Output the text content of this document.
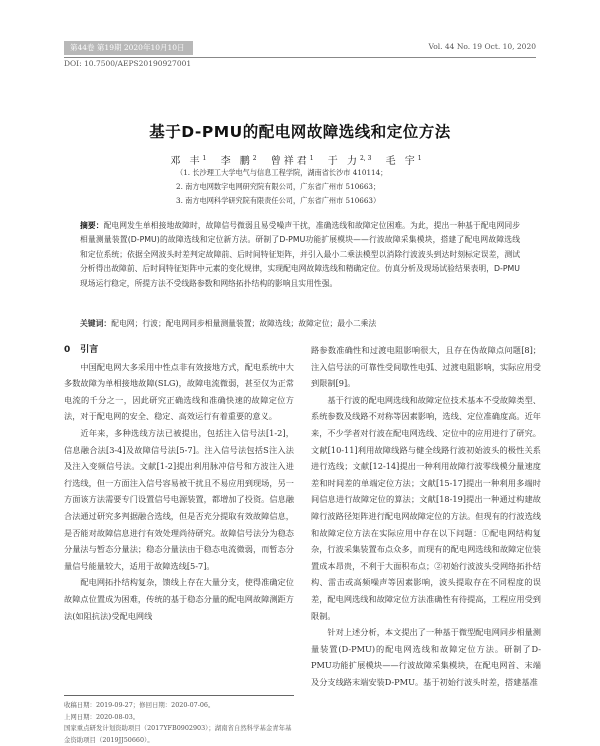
第44卷 第19期 2020年10月10日	Vol. 44 No. 19 Oct. 10, 2020
DOI: 10.7500/AEPS20190927001
基于D-PMU的配电网故障选线和定位方法
邓 丰$^1$ 李 鹏$^2$ 曾祥君$^1$ 于 力$^{2, 3}$ 毛 宇$^1$
（1. 长沙理工大学电气与信息工程学院，湖南省长沙市 410114；
2. 南方电网数字电网研究院有限公司，广东省广州市 510663；
3. 南方电网科学研究院有限责任公司，广东省广州市 510663）
摘要：配电网发生单相接地故障时，故障信号微弱且易受噪声干扰，准确选线和故障定位困难。为此，提出一种基于配电网同步相量测量装置(D-PMU)的故障选线和定位新方法。研制了D-PMU功能扩展模块——行波故障采集模块，搭建了配电网故障选线和定位系统；依据全网波头时差判定故障前、后时间特征矩阵，并引入最小二乘法模型以消除行波波头到达时刻标定误差，测试分析得出故障前、后时间特征矩阵中元素的变化规律，实现配电网故障选线和精确定位。仿真分析及现场试验结果表明，D-PMU现场运行稳定，所提方法不受线路参数和网络拓扑结构的影响且实用性强。
关键词：配电网；行波；配电网同步相量测量装置；故障选线；故障定位；最小二乘法

0 引言

中国配电网大多采用中性点非有效接地方式，配电系统中大多数故障为单相接地故障(SLG)，故障电流微弱，甚至仅为正常电流的千分之一，因此研究正确选线和准确快速的故障定位方法，对于配电网的安全、稳定、高效运行有着重要的意义。

近年来，多种选线方法已被提出，包括注入信号法[1-2]，信息融合法[3-4]及故障信号法[5-7]。注入信号法包括S注入法及注入变频信号法。文献[1-2]提出利用脉冲信号和方波注入进行选线，但一方面注入信号容易被干扰且不易应用到现场，另一方面该方法需要专门设置信号电源装置，都增加了投资。信息融合法通过研究多判据融合选线，但是否充分提取有效故障信息，是否能对故障信息进行有效处理尚待研究。故障信号法分为稳态分量法与暂态分量法；稳态分量法由于稳态电流微弱，而暂态分量信号能量较大，适用于故障选线[5-7]。

配电网拓扑结构复杂，馈线上存在大量分支，使得准确定位故障点位置成为困难，传统的基于稳态分量的配电网故障测距方法(如阻抗法)受配电网线

路参数准确性和过渡电阻影响很大，且存在伪故障点问题[8]；注入信号法的可靠性受间歇性电弧、过渡电阻影响，实际应用受到限制[9]。

基于行波的配电网选线和故障定位技术基本不受故障类型、系统参数及线路不对称等因素影响，选线、定位准确度高。近年来，不少学者对行波在配电网选线、定位中的应用进行了研究。文献[10-11]利用故障线路与健全线路行波初始波头的极性关系进行选线；文献[12-14]提出一种利用故障行波零线模分量速度差和时间差的单端定位方法；文献[15-17]提出一种利用多端时间信息进行故障定位的算法；文献[18-19]提出一种通过构建故障行波路径矩阵进行配电网故障定位的方法。但现有的行波选线和故障定位方法在实际应用中存在以下问题：①配电网结构复杂，行波采集装置布点众多，而现有的配电网选线和故障定位装置成本昂贵，不利于大面积布点；②初始行波波头受网络拓扑结构、雷击或高频噪声等因素影响，波头提取存在不同程度的误差，配电网选线和故障定位方法准确性有待提高，工程应用受到限制。

针对上述分析，本文提出了一种基于微型配电网同步相量测量装置(D-PMU)的配电网选线和故障定位方法。研制了D-PMU功能扩展模块——行波故障采集模块，在配电网首、末端及分支线路末端安装D-PMU。基于初始行波头时差，搭建基准

收稿日期：2019-09-27；修回日期：2020-07-06。
上网日期：2020-08-03。
国家重点研发计划资助项目（2017YFB0902903）；湖南省自然科学基金青年基金资助项目（2019JJ50660）。
